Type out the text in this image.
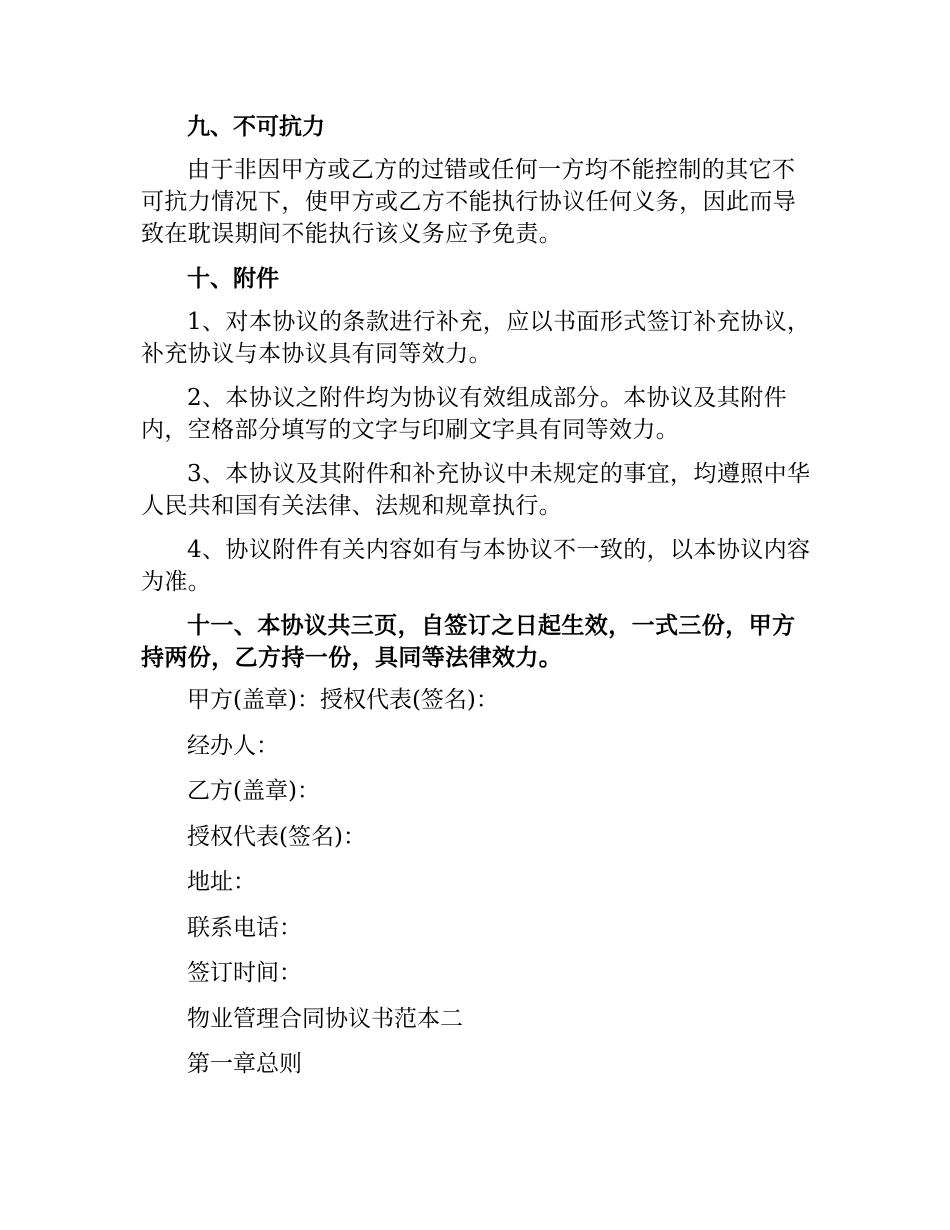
九、不可抗力
由于非因甲方或乙方的过错或任何一方均不能控制的其它不可抗力情况下，使甲方或乙方不能执行协议任何义务，因此而导致在耽误期间不能执行该义务应予免责。
十、附件
1、对本协议的条款进行补充，应以书面形式签订补充协议，补充协议与本协议具有同等效力。
2、本协议之附件均为协议有效组成部分。本协议及其附件内，空格部分填写的文字与印刷文字具有同等效力。
3、本协议及其附件和补充协议中未规定的事宜，均遵照中华人民共和国有关法律、法规和规章执行。
4、协议附件有关内容如有与本协议不一致的，以本协议内容为准。
十一、本协议共三页，自签订之日起生效，一式三份，甲方持两份，乙方持一份，具同等法律效力。
甲方(盖章)：授权代表(签名)：
经办人：
乙方(盖章)：
授权代表(签名)：
地址：
联系电话：
签订时间：
物业管理合同协议书范本二
第一章总则
